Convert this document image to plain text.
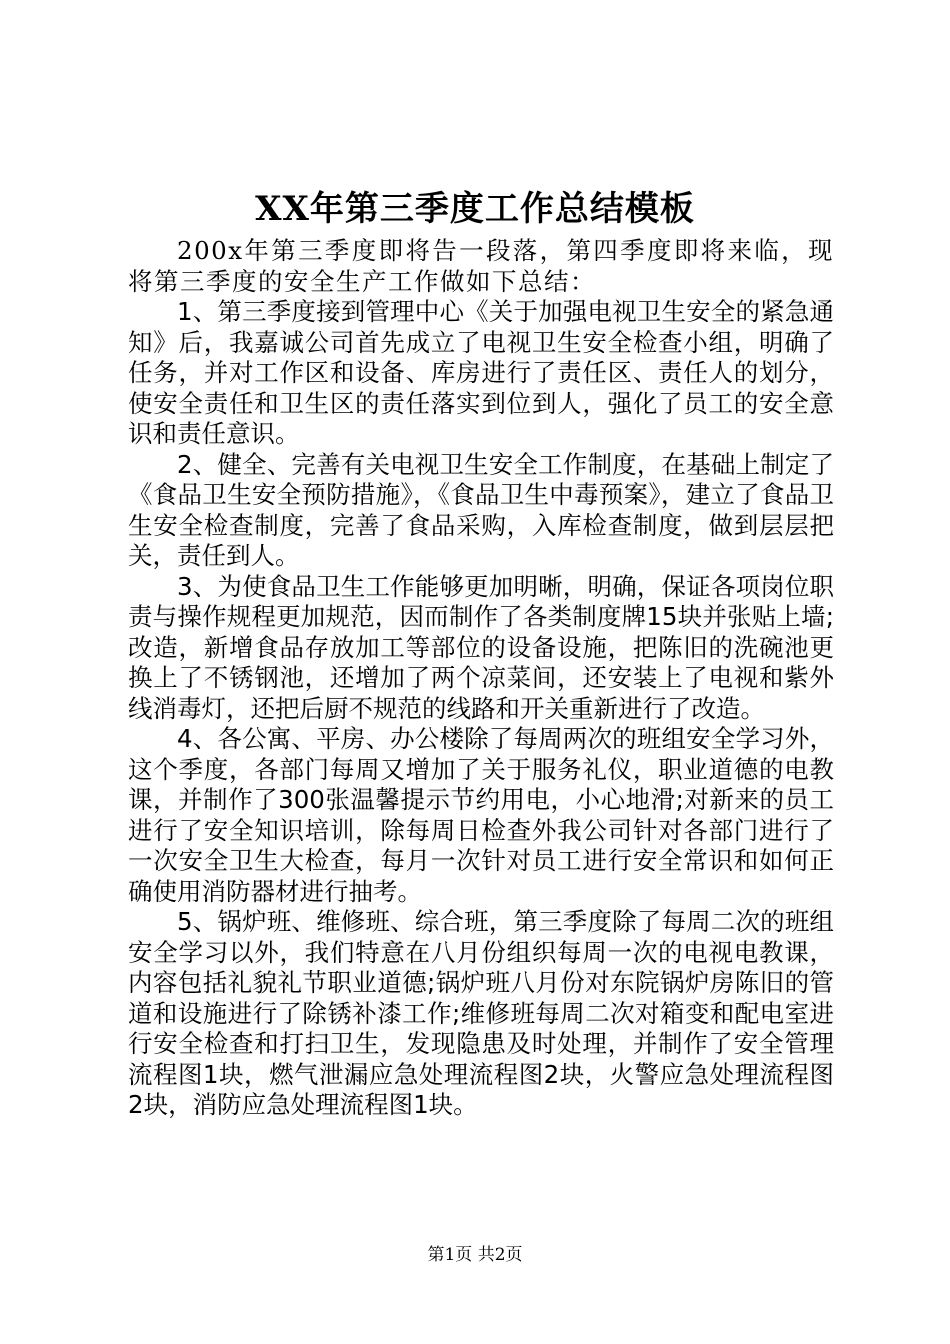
XX年第三季度工作总结模板

200x年第三季度即将告一段落，第四季度即将来临，现将第三季度的安全生产工作做如下总结：

1、第三季度接到管理中心《关于加强电视卫生安全的紧急通知》后，我嘉诚公司首先成立了电视卫生安全检查小组，明确了任务，并对工作区和设备、库房进行了责任区、责任人的划分，使安全责任和卫生区的责任落实到位到人，强化了员工的安全意识和责任意识。

2、健全、完善有关电视卫生安全工作制度，在基础上制定了《食品卫生安全预防措施》，《食品卫生中毒预案》，建立了食品卫生安全检查制度，完善了食品采购，入库检查制度，做到层层把关，责任到人。

3、为使食品卫生工作能够更加明晰，明确，保证各项岗位职责与操作规程更加规范，因而制作了各类制度牌15块并张贴上墙;改造，新增食品存放加工等部位的设备设施，把陈旧的洗碗池更换上了不锈钢池，还增加了两个凉菜间，还安装上了电视和紫外线消毒灯，还把后厨不规范的线路和开关重新进行了改造。

4、各公寓、平房、办公楼除了每周两次的班组安全学习外，这个季度，各部门每周又增加了关于服务礼仪，职业道德的电教课，并制作了300张温馨提示节约用电，小心地滑;对新来的员工进行了安全知识培训，除每周日检查外我公司针对各部门进行了一次安全卫生大检查，每月一次针对员工进行安全常识和如何正确使用消防器材进行抽考。

5、锅炉班、维修班、综合班，第三季度除了每周二次的班组安全学习以外，我们特意在八月份组织每周一次的电视电教课，内容包括礼貌礼节职业道德;锅炉班八月份对东院锅炉房陈旧的管道和设施进行了除锈补漆工作;维修班每周二次对箱变和配电室进行安全检查和打扫卫生，发现隐患及时处理，并制作了安全管理流程图1块，燃气泄漏应急处理流程图2块，火警应急处理流程图2块，消防应急处理流程图1块。

第1页 共2页
